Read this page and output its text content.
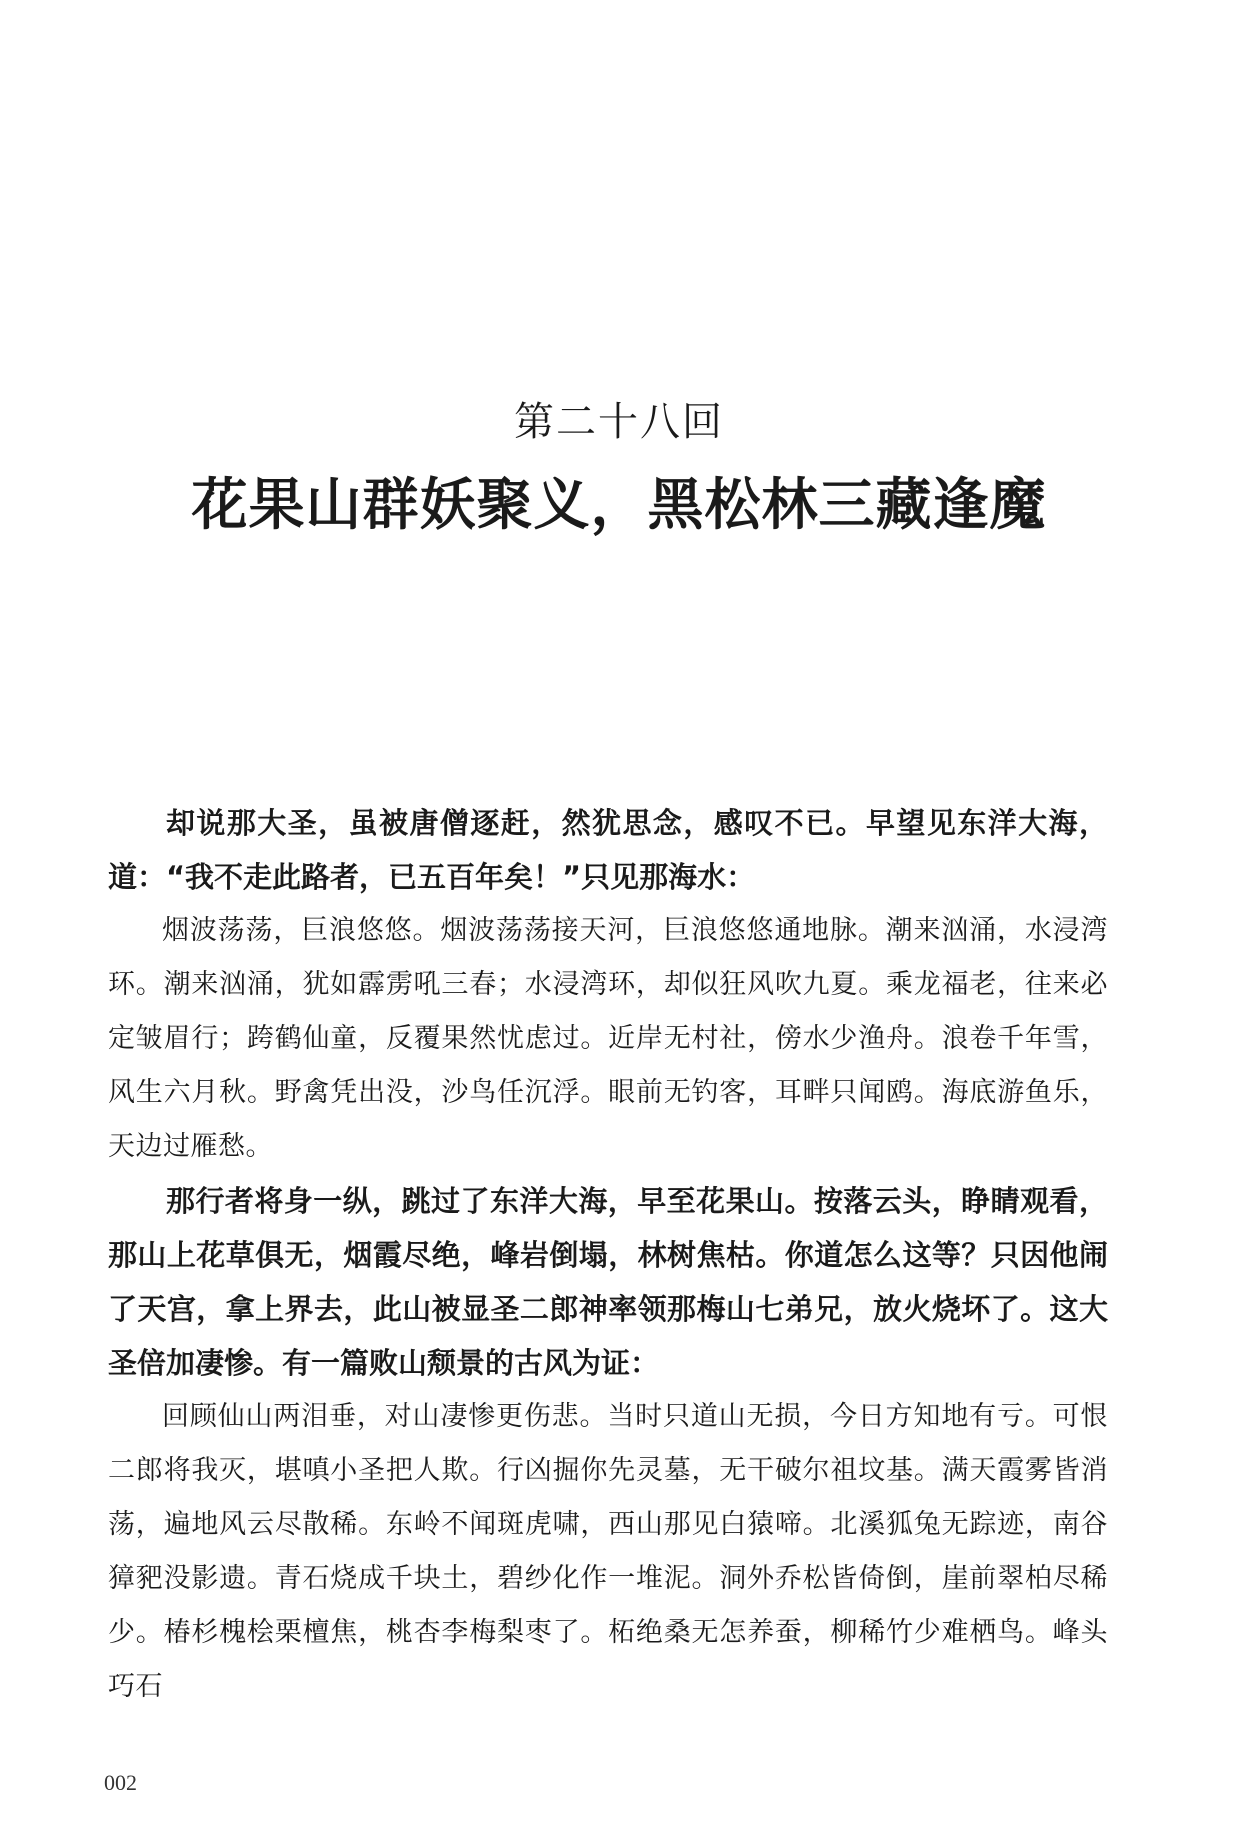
第二十八回
花果山群妖聚义，黑松林三藏逢魔

却说那大圣，虽被唐僧逐赶，然犹思念，感叹不已。早望见东洋大海，道：“我不走此路者，已五百年矣！”只见那海水：

烟波荡荡，巨浪悠悠。烟波荡荡接天河，巨浪悠悠通地脉。潮来汹涌，水浸湾环。潮来汹涌，犹如霹雳吼三春；水浸湾环，却似狂风吹九夏。乘龙福老，往来必定皱眉行；跨鹤仙童，反覆果然忧虑过。近岸无村社，傍水少渔舟。浪卷千年雪，风生六月秋。野禽凭出没，沙鸟任沉浮。眼前无钓客，耳畔只闻鸥。海底游鱼乐，天边过雁愁。

那行者将身一纵，跳过了东洋大海，早至花果山。按落云头，睁睛观看，那山上花草俱无，烟霞尽绝，峰岩倒塌，林树焦枯。你道怎么这等？只因他闹了天宫，拿上界去，此山被显圣二郎神率领那梅山七弟兄，放火烧坏了。这大圣倍加凄惨。有一篇败山颓景的古风为证：

回顾仙山两泪垂，对山凄惨更伤悲。当时只道山无损，今日方知地有亏。可恨二郎将我灭，堪嗔小圣把人欺。行凶掘你先灵墓，无干破尔祖坟基。满天霞雾皆消荡，遍地风云尽散稀。东岭不闻斑虎啸，西山那见白猿啼。北溪狐兔无踪迹，南谷獐豝没影遗。青石烧成千块土，碧纱化作一堆泥。洞外乔松皆倚倒，崖前翠柏尽稀少。椿杉槐桧栗檀焦，桃杏李梅梨枣了。柘绝桑无怎养蚕，柳稀竹少难栖鸟。峰头巧石

002
